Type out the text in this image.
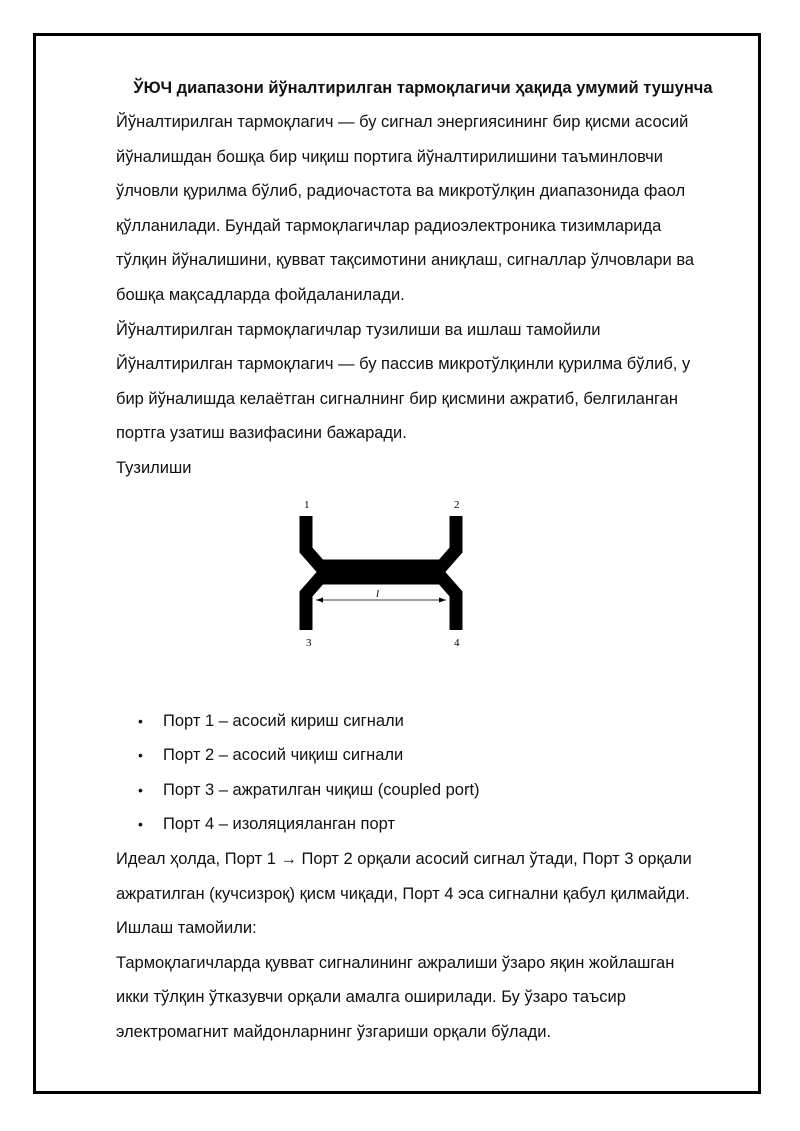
ЎЮЧ диапазони йўналтирилган тармоқлагичи ҳақида умумий тушунча

Йўналтирилган тармоқлагич — бу сигнал энергиясининг бир қисми асосий

йўналишдан бошқа бир чиқиш портига йўналтирилишини таъминловчи

ўлчовли қурилма бўлиб, радиочастота ва микротўлқин диапазонида фаол

қўлланилади. Бундай тармоқлагичлар радиоэлектроника тизимларида

тўлқин йўналишини, қувват тақсимотини аниқлаш, сигналлар ўлчовлари ва

бошқа мақсадларда фойдаланилади.

Йўналтирилган тармоқлагичлар тузилиши ва ишлаш тамойили

Йўналтирилган тармоқлагич — бу пассив микротўлқинли қурилма бўлиб, у

бир йўналишда келаётган сигналнинг бир қисмини ажратиб, белгиланган

портга узатиш вазифасини бажаради.

Тузилиши

l
1	2
3	4
• Порт 1 – асосий кириш сигнали
• Порт 2 – асосий чиқиш сигнали
• Порт 3 – ажратилган чиқиш (coupled port)
• Порт 4 – изоляцияланган порт

Идеал ҳолда, Порт 1 → Порт 2 орқали асосий сигнал ўтади, Порт 3 орқали

ажратилган (кучсизроқ) қисм чиқади, Порт 4 эса сигнални қабул қилмайди.

Ишлаш тамойили:

Тармоқлагичларда қувват сигналининг ажралиши ўзаро яқин жойлашган

икки тўлқин ўтказувчи орқали амалга оширилади. Бу ўзаро таъсир

электромагнит майдонларнинг ўзгариши орқали бўлади.
